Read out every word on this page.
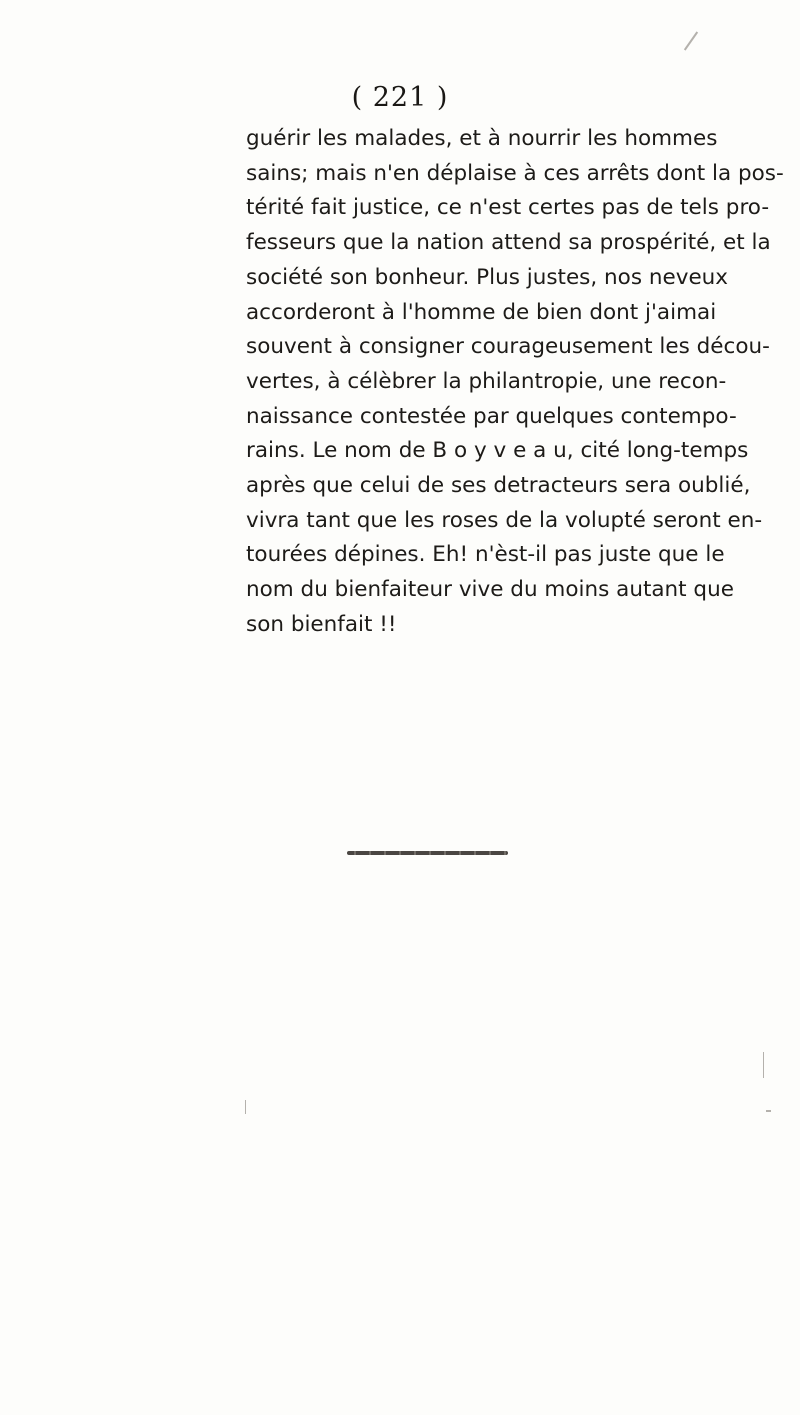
( 221 )
guérir les malades, et à nourrir les hommes
sains; mais n'en déplaise à ces arrêts dont la pos-
térité fait justice, ce n'est certes pas de tels pro-
fesseurs que la nation attend sa prospérité, et la
société son bonheur. Plus justes, nos neveux
accorderont à l'homme de bien dont j'aimai
souvent à consigner courageusement les décou-
vertes, à célèbrer la philantropie, une recon-
naissance contestée par quelques contempo-
rains. Le nom de B o y v e a u, cité long-temps
après que celui de ses detracteurs sera oublié,
vivra tant que les roses de la volupté seront en-
tourées dépines. Eh! n'èst-il pas juste que le
nom du bienfaiteur vive du moins autant que
son bienfait !!
